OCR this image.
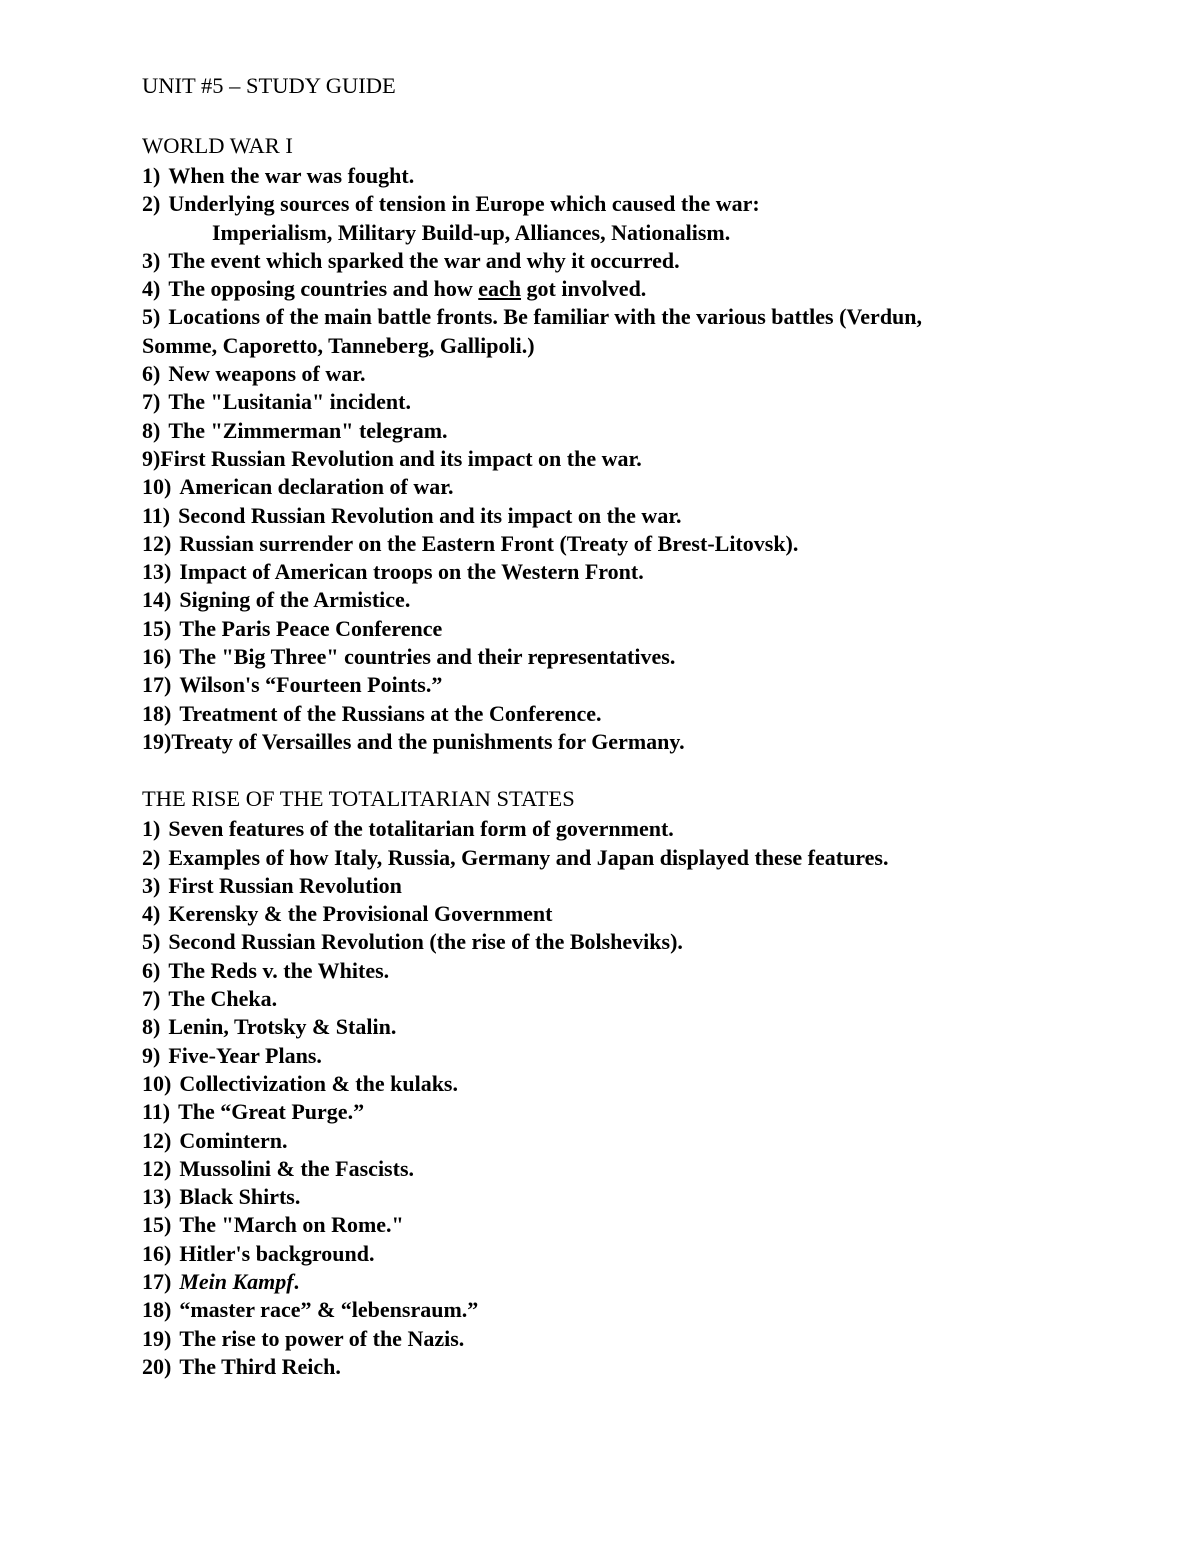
UNIT #5 – STUDY GUIDE
WORLD WAR I
1) When the war was fought.
2) Underlying sources of tension in Europe which caused the war:
Imperialism, Military Build-up, Alliances, Nationalism.
3) The event which sparked the war and why it occurred.
4) The opposing countries and how each got involved.
5) Locations of the main battle fronts. Be familiar with the various battles (Verdun,
Somme, Caporetto, Tanneberg, Gallipoli.)
6) New weapons of war.
7) The "Lusitania" incident.
8) The "Zimmerman" telegram.
9)First Russian Revolution and its impact on the war.
10) American declaration of war.
11) Second Russian Revolution and its impact on the war.
12) Russian surrender on the Eastern Front (Treaty of Brest-Litovsk).
13) Impact of American troops on the Western Front.
14) Signing of the Armistice.
15) The Paris Peace Conference
16) The "Big Three" countries and their representatives.
17) Wilson's “Fourteen Points.”
18) Treatment of the Russians at the Conference.
19)Treaty of Versailles and the punishments for Germany.
THE RISE OF THE TOTALITARIAN STATES
1) Seven features of the totalitarian form of government.
2) Examples of how Italy, Russia, Germany and Japan displayed these features.
3) First Russian Revolution
4) Kerensky & the Provisional Government
5) Second Russian Revolution (the rise of the Bolsheviks).
6) The Reds v. the Whites.
7) The Cheka.
8) Lenin, Trotsky & Stalin.
9) Five-Year Plans.
10) Collectivization & the kulaks.
11) The “Great Purge.”
12) Comintern.
12) Mussolini & the Fascists.
13) Black Shirts.
15) The "March on Rome."
16) Hitler's background.
17) Mein Kampf.
18) “master race” & “lebensraum.”
19) The rise to power of the Nazis.
20) The Third Reich.
